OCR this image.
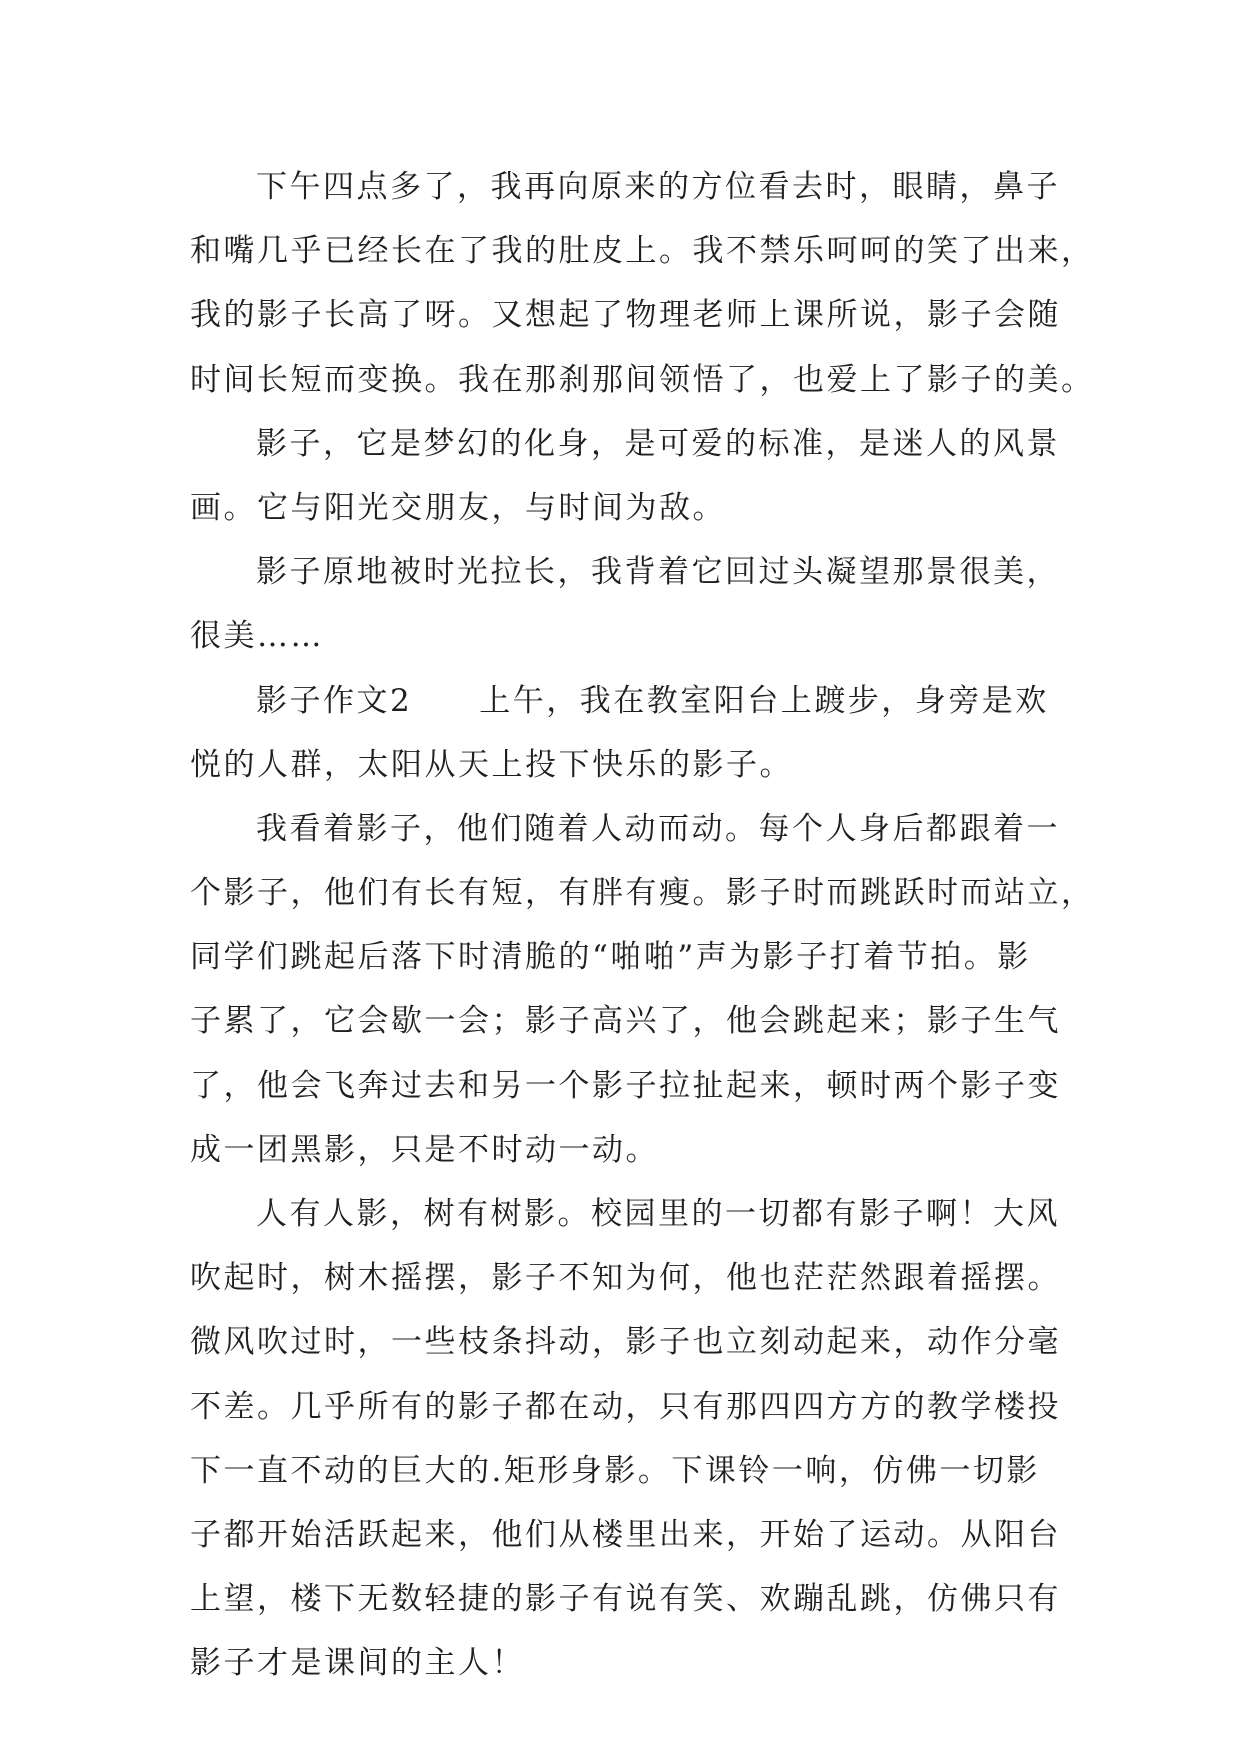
下午四点多了，我再向原来的方位看去时，眼睛，鼻子
和嘴几乎已经长在了我的肚皮上。我不禁乐呵呵的笑了出来，
我的影子长高了呀。又想起了物理老师上课所说，影子会随
时间长短而变换。我在那刹那间领悟了，也爱上了影子的美。
影子，它是梦幻的化身，是可爱的标准，是迷人的风景
画。它与阳光交朋友，与时间为敌。
影子原地被时光拉长，我背着它回过头凝望那景很美，
很美……
影子作文2　　上午，我在教室阳台上踱步，身旁是欢
悦的人群，太阳从天上投下快乐的影子。
我看着影子，他们随着人动而动。每个人身后都跟着一
个影子，他们有长有短，有胖有瘦。影子时而跳跃时而站立，
同学们跳起后落下时清脆的“啪啪”声为影子打着节拍。影
子累了，它会歇一会；影子高兴了，他会跳起来；影子生气
了，他会飞奔过去和另一个影子拉扯起来，顿时两个影子变
成一团黑影，只是不时动一动。
人有人影，树有树影。校园里的一切都有影子啊！大风
吹起时，树木摇摆，影子不知为何，他也茫茫然跟着摇摆。
微风吹过时，一些枝条抖动，影子也立刻动起来，动作分毫
不差。几乎所有的影子都在动，只有那四四方方的教学楼投
下一直不动的巨大的.矩形身影。下课铃一响，仿佛一切影
子都开始活跃起来，他们从楼里出来，开始了运动。从阳台
上望，楼下无数轻捷的影子有说有笑、欢蹦乱跳，仿佛只有
影子才是课间的主人！
